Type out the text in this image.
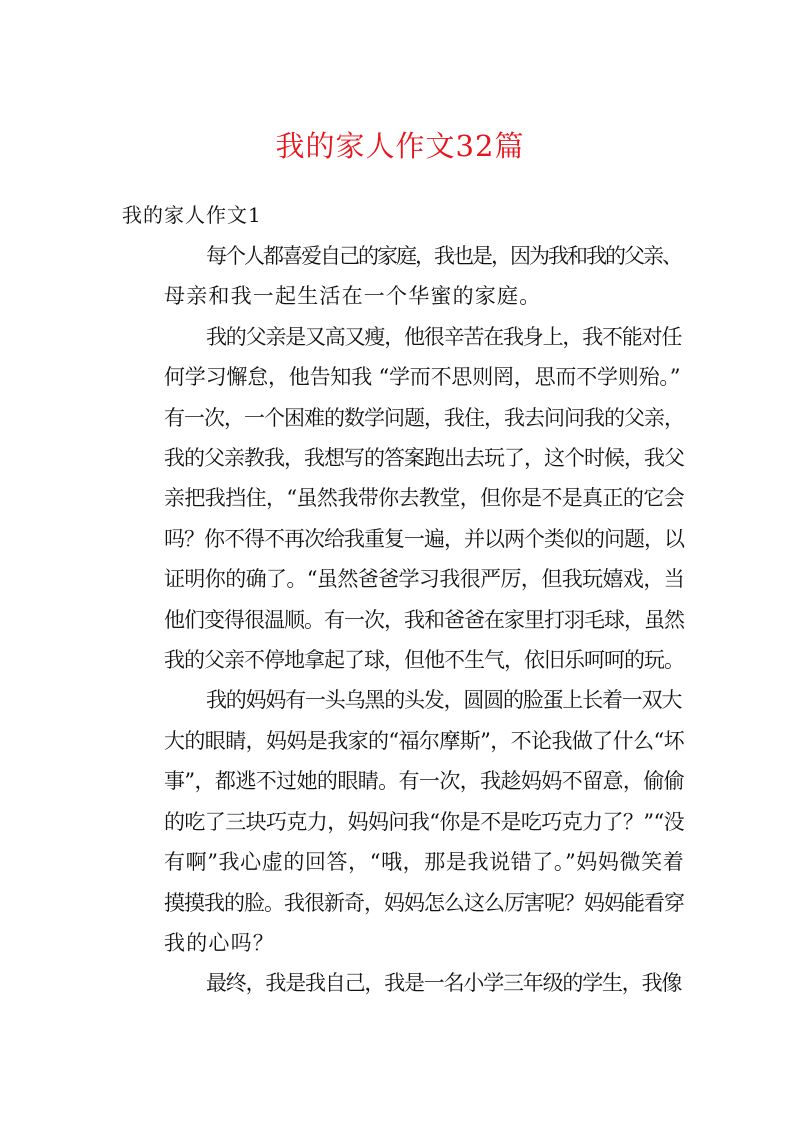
我的家人作文32篇
我的家人作文1
每个人都喜爱自己的家庭，我也是，因为我和我的父亲、
母亲和我一起生活在一个华蜜的家庭。
我的父亲是又高又瘦，他很辛苦在我身上，我不能对任
何学习懈怠，他告知我 “学而不思则罔，思而不学则殆。”
有一次，一个困难的数学问题，我住，我去问问我的父亲，
我的父亲教我，我想写的答案跑出去玩了，这个时候，我父
亲把我挡住，“虽然我带你去教堂，但你是不是真正的它会
吗？你不得不再次给我重复一遍，并以两个类似的问题，以
证明你的确了。“虽然爸爸学习我很严厉，但我玩嬉戏，当
他们变得很温顺。有一次，我和爸爸在家里打羽毛球，虽然
我的父亲不停地拿起了球，但他不生气，依旧乐呵呵的玩。
我的妈妈有一头乌黑的头发，圆圆的脸蛋上长着一双大
大的眼睛，妈妈是我家的“福尔摩斯”，不论我做了什么“坏
事”，都逃不过她的眼睛。有一次，我趁妈妈不留意，偷偷
的吃了三块巧克力，妈妈问我“你是不是吃巧克力了？”“没
有啊”我心虚的回答，“哦，那是我说错了。”妈妈微笑着
摸摸我的脸。我很新奇，妈妈怎么这么厉害呢？妈妈能看穿
我的心吗？
最终，我是我自己，我是一名小学三年级的学生，我像
